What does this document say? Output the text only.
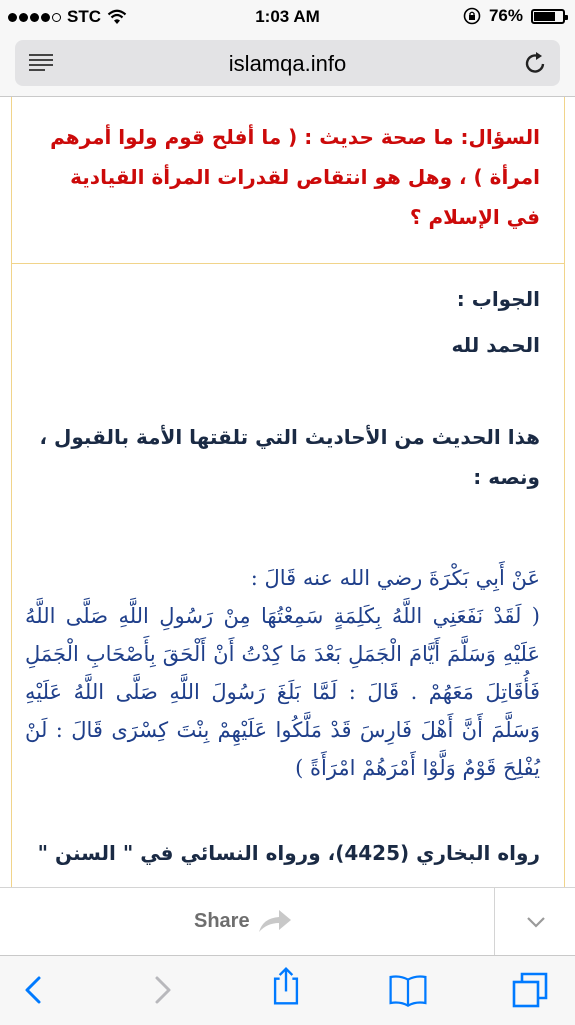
STC	1:03 AM	76%
islamqa.info
السؤال: ما صحة حديث : ( ما أفلح قوم ولوا أمرهم امرأة ) ، وهل هو انتقاص لقدرات المرأة القيادية في الإسلام ؟
الجواب :
الحمد لله
هذا الحديث من الأحاديث التي تلقتها الأمة بالقبول ، ونصه :
عَنْ أَبِي بَكْرَةَ رضي الله عنه قَالَ :
( لَقَدْ نَفَعَنِي اللَّهُ بِكَلِمَةٍ سَمِعْتُهَا مِنْ رَسُولِ اللَّهِ صَلَّى اللَّهُ عَلَيْهِ وَسَلَّمَ أَيَّامَ الْجَمَلِ بَعْدَ مَا كِدْتُ أَنْ أَلْحَقَ بِأَصْحَابِ الْجَمَلِ فَأُقَاتِلَ مَعَهُمْ . قَالَ : لَمَّا بَلَغَ رَسُولَ اللَّهِ صَلَّى اللَّهُ عَلَيْهِ وَسَلَّمَ أَنَّ أَهْلَ فَارِسَ قَدْ مَلَّكُوا عَلَيْهِمْ بِنْتَ كِسْرَى قَالَ : لَنْ يُفْلِحَ قَوْمٌ وَلَّوْا أَمْرَهُمْ امْرَأَةً )
رواه البخاري (4425)، ورواه النسائي في " السنن "
Share
